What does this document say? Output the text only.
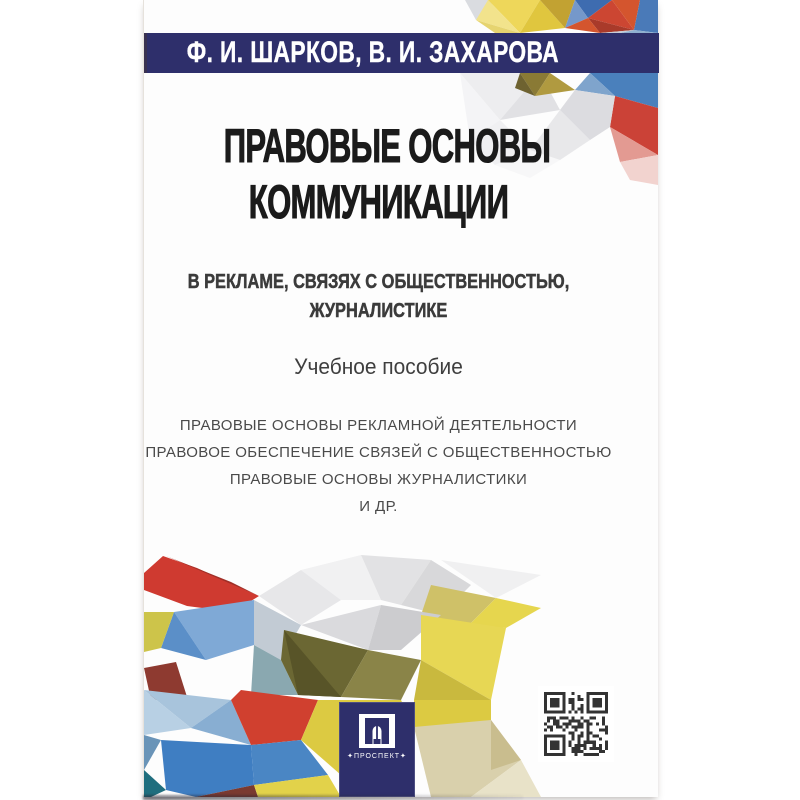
Ф. И. ШАРКОВ, В. И. ЗАХАРОВА
ПРАВОВЫЕ ОСНОВЫ
КОММУНИКАЦИИ
В РЕКЛАМЕ, СВЯЗЯХ С ОБЩЕСТВЕННОСТЬЮ,
ЖУРНАЛИСТИКЕ
Учебное пособие
ПРАВОВЫЕ ОСНОВЫ РЕКЛАМНОЙ ДЕЯТЕЛЬНОСТИ
ПРАВОВОЕ ОБЕСПЕЧЕНИЕ СВЯЗЕЙ С ОБЩЕСТВЕННОСТЬЮ
ПРАВОВЫЕ ОСНОВЫ ЖУРНАЛИСТИКИ
И ДР.
✦ПРОСПЕКТ✦
